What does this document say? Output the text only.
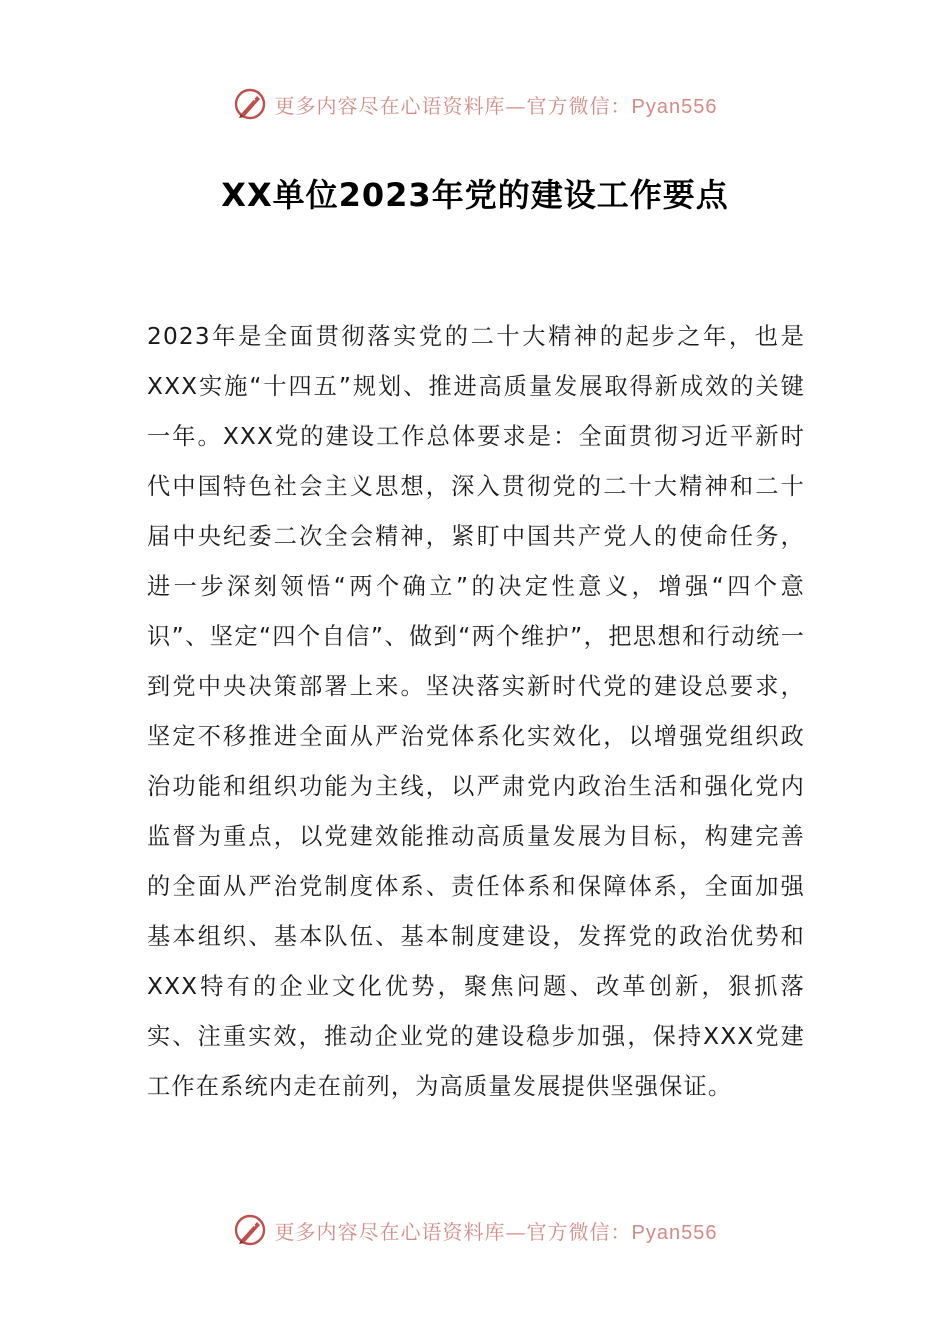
更多内容尽在心语资料库—官方微信：Pyan556
XX单位2023年党的建设工作要点

2023年是全面贯彻落实党的二十大精神的起步之年，也是XXX实施“十四五”规划、推进高质量发展取得新成效的关键一年。XXX党的建设工作总体要求是：全面贯彻习近平新时代中国特色社会主义思想，深入贯彻党的二十大精神和二十届中央纪委二次全会精神，紧盯中国共产党人的使命任务，进一步深刻领悟“两个确立”的决定性意义，增强“四个意识”、坚定“四个自信”、做到“两个维护”，把思想和行动统一到党中央决策部署上来。坚决落实新时代党的建设总要求，坚定不移推进全面从严治党体系化实效化，以增强党组织政治功能和组织功能为主线，以严肃党内政治生活和强化党内监督为重点，以党建效能推动高质量发展为目标，构建完善的全面从严治党制度体系、责任体系和保障体系，全面加强基本组织、基本队伍、基本制度建设，发挥党的政治优势和XXX特有的企业文化优势，聚焦问题、改革创新，狠抓落实、注重实效，推动企业党的建设稳步加强，保持XXX党建工作在系统内走在前列，为高质量发展提供坚强保证。

更多内容尽在心语资料库—官方微信：Pyan556
